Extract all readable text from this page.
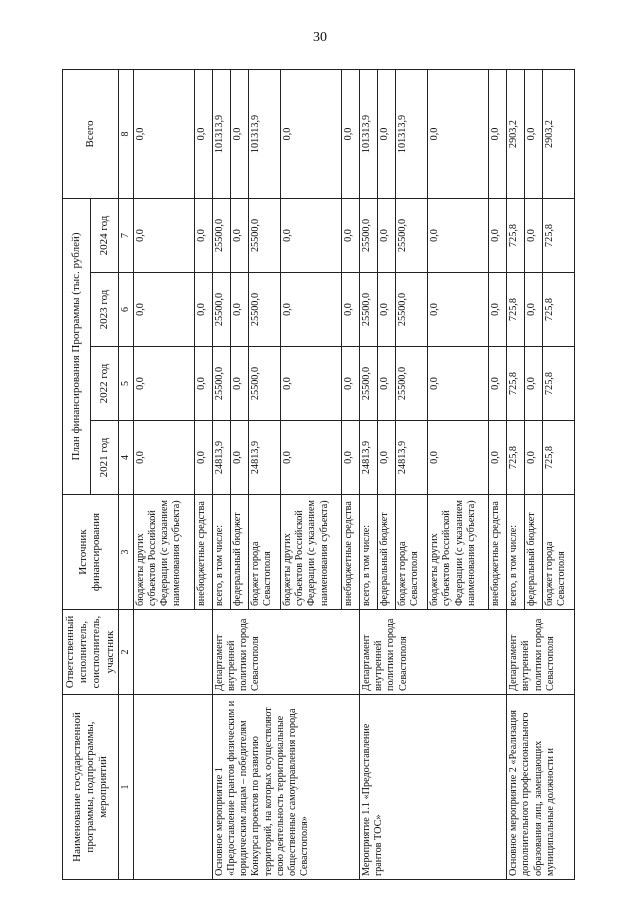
30
Наименование государственной программы, подпрограммы, мероприятий	Ответственный исполнитель, соисполнитель, участник	Источник финансирования	План финансирования Программы (тыс. рублей)				Всего
			2021 год	2022 год	2023 год	2024 год	
1	2	3	4	5	6	7	8
		бюджеты других субъектов Российской Федерации (с указанием наименования субъекта)	0,0	0,0	0,0	0,0	0,0
		внебюджетные средства	0,0	0,0	0,0	0,0	0,0
Основное мероприятие 1 «Предоставление грантов физическим и юридическим лицам – победителям Конкурса проектов по развитию территорий, на которых осуществляют свою деятельность территориальные общественные самоуправления города Севастополя»	Департамент внутренней политики города Севастополя	всего, в том числе:	24813,9	25500,0	25500,0	25500,0	101313,9
		федеральный бюджет	0,0	0,0	0,0	0,0	0,0
		бюджет города Севастополя	24813,9	25500,0	25500,0	25500,0	101313,9
		бюджеты других субъектов Российской Федерации (с указанием наименования субъекта)	0,0	0,0	0,0	0,0	0,0
		внебюджетные средства	0,0	0,0	0,0	0,0	0,0
Мероприятие 1.1 «Предоставление грантов ТОС»	Департамент внутренней политики города Севастополя	всего, в том числе:	24813,9	25500,0	25500,0	25500,0	101313,9
		федеральный бюджет	0,0	0,0	0,0	0,0	0,0
		бюджет города Севастополя	24813,9	25500,0	25500,0	25500,0	101313,9
		бюджеты других субъектов Российской Федерации (с указанием наименования субъекта)	0,0	0,0	0,0	0,0	0,0
		внебюджетные средства	0,0	0,0	0,0	0,0	0,0
Основное мероприятие 2 «Реализация дополнительного профессионального образования лиц, замещающих муниципальные должности и	Департамент внутренней политики города Севастополя	всего, в том числе:	725,8	725,8	725,8	725,8	2903,2
		федеральный бюджет	0,0	0,0	0,0	0,0	0,0
		бюджет города Севастополя	725,8	725,8	725,8	725,8	2903,2
